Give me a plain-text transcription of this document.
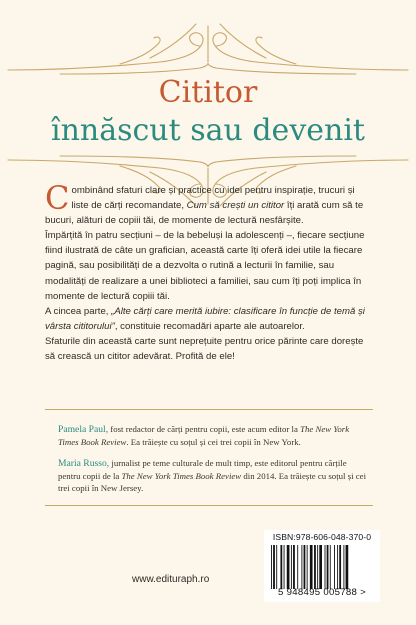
Cititor
înnăscut sau devenit

Combinând sfaturi clare și practice cu idei pentru inspirație, trucuri și liste de cărți recomandate, Cum să crești un cititor îți arată cum să te bucuri, alături de copiii tăi, de momente de lectură nesfârșite.

Împărțită în patru secțiuni – de la bebeluși la adolescenți –, fiecare secțiune fiind ilustrată de câte un grafician, această carte îți oferă idei utile la fiecare pagină, sau posibilități de a dezvolta o rutină a lecturii în familie, sau modalități de realizare a unei biblioteci a familiei, sau cum îți poți implica în momente de lectură copiii tăi.

A cincea parte, „Alte cărți care merită iubire: clasificare în funcție de temă și vârsta cititorului”, constituie recomadări aparte ale autoarelor.

Sfaturile din această carte sunt neprețuite pentru orice părinte care dorește să crească un cititor adevărat. Profită de ele!

Pamela Paul, fost redactor de cărți pentru copii, este acum editor la The New York Times Book Review. Ea trăiește cu soțul și cei trei copii în New York.
Maria Russo, jurnalist pe teme culturale de mult timp, este editorul pentru cărțile pentru copii de la The New York Times Book Review din 2014. Ea trăiește cu soțul și cei trei copii în New Jersey.
www.edituraph.ro
ISBN:978-606-048-370-0
5 948495 005788 >
